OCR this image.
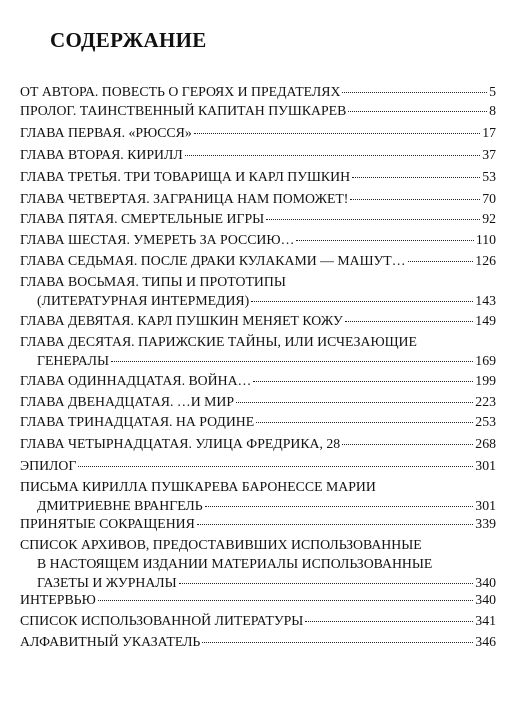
СОДЕРЖАНИЕ
ОТ АВТОРА. ПОВЕСТЬ О ГЕРОЯХ И ПРЕДАТЕЛЯХ	5
ПРОЛОГ. ТАИНСТВЕННЫЙ КАПИТАН ПУШКАРЕВ	8
ГЛАВА ПЕРВАЯ. «РЮССЯ»	17
ГЛАВА ВТОРАЯ. КИРИЛЛ	37
ГЛАВА ТРЕТЬЯ. ТРИ ТОВАРИЩА И КАРЛ ПУШКИН	53
ГЛАВА ЧЕТВЕРТАЯ. ЗАГРАНИЦА НАМ ПОМОЖЕТ!	70
ГЛАВА ПЯТАЯ. СМЕРТЕЛЬНЫЕ ИГРЫ	92
ГЛАВА ШЕСТАЯ. УМЕРЕТЬ ЗА РОССИЮ…	110
ГЛАВА СЕДЬМАЯ. ПОСЛЕ ДРАКИ КУЛАКАМИ — МАШУТ…	126
ГЛАВА ВОСЬМАЯ. ТИПЫ И ПРОТОТИПЫ
(ЛИТЕРАТУРНАЯ ИНТЕРМЕДИЯ)	143
ГЛАВА ДЕВЯТАЯ. КАРЛ ПУШКИН МЕНЯЕТ КОЖУ	149
ГЛАВА ДЕСЯТАЯ. ПАРИЖСКИЕ ТАЙНЫ, ИЛИ ИСЧЕЗАЮЩИЕ
ГЕНЕРАЛЫ	169
ГЛАВА ОДИННАДЦАТАЯ. ВОЙНА…	199
ГЛАВА ДВЕНАДЦАТАЯ. …И МИР	223
ГЛАВА ТРИНАДЦАТАЯ. НА РОДИНЕ	253
ГЛАВА ЧЕТЫРНАДЦАТАЯ. УЛИЦА ФРЕДРИКА, 28	268
ЭПИЛОГ	301
ПИСЬМА КИРИЛЛА ПУШКАРЕВА БАРОНЕССЕ МАРИИ
ДМИТРИЕВНЕ ВРАНГЕЛЬ	301
ПРИНЯТЫЕ СОКРАЩЕНИЯ	339
СПИСОК АРХИВОВ, ПРЕДОСТАВИВШИХ ИСПОЛЬЗОВАННЫЕ
В НАСТОЯЩЕМ ИЗДАНИИ МАТЕРИАЛЫ ИСПОЛЬЗОВАННЫЕ
ГАЗЕТЫ И ЖУРНАЛЫ	340
ИНТЕРВЬЮ	340
СПИСОК ИСПОЛЬЗОВАННОЙ ЛИТЕРАТУРЫ	341
АЛФАВИТНЫЙ УКАЗАТЕЛЬ	346
